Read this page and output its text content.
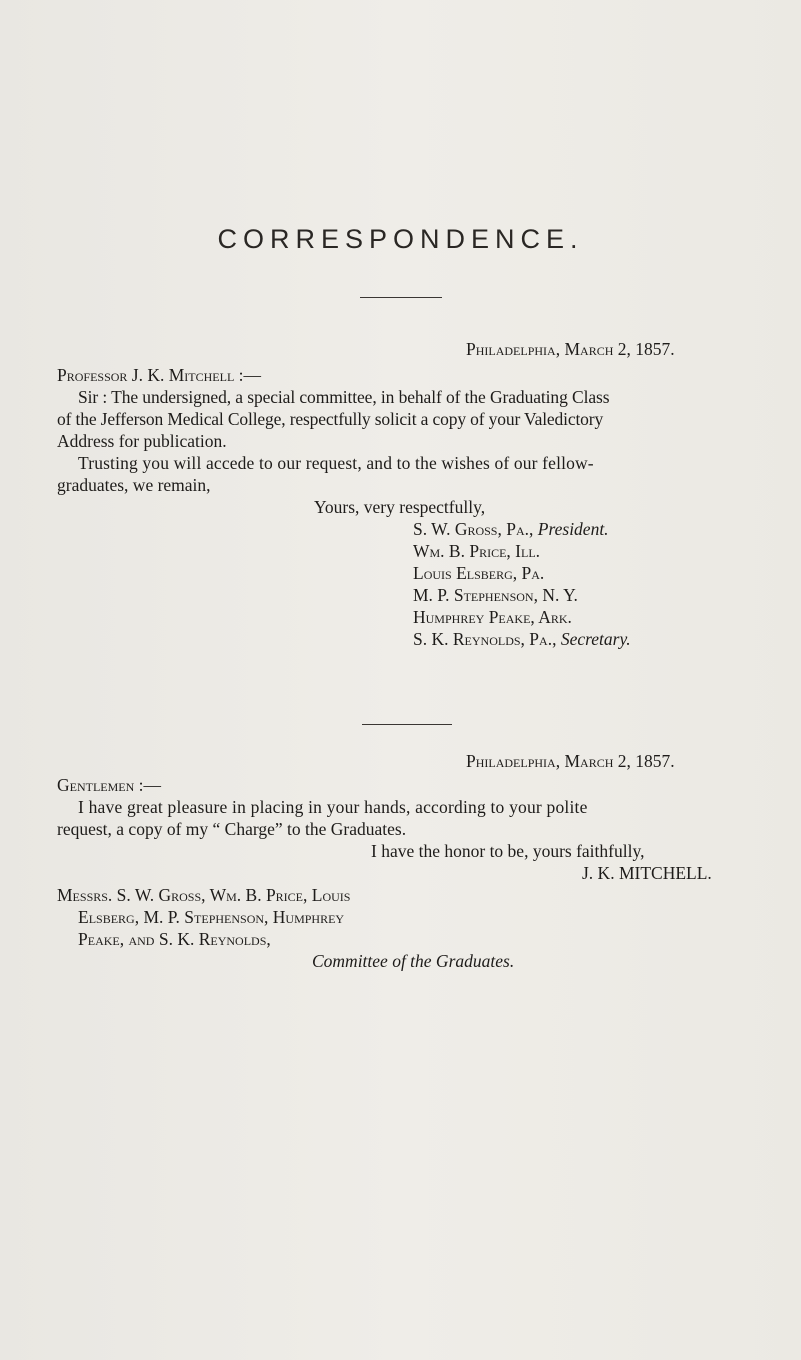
CORRESPONDENCE.
Philadelphia, March 2, 1857.
Professor J. K. Mitchell :—
Sir : The undersigned, a special committee, in behalf of the Graduating Class
of the Jefferson Medical College, respectfully solicit a copy of your Valedictory
Address for publication.
Trusting you will accede to our request, and to the wishes of our fellow-
graduates, we remain,
Yours, very respectfully,
S. W. Gross, Pa., President.
Wm. B. Price, Ill.
Louis Elsberg, Pa.
M. P. Stephenson, N. Y.
Humphrey Peake, Ark.
S. K. Reynolds, Pa., Secretary.
Philadelphia, March 2, 1857.
Gentlemen :—
I have great pleasure in placing in your hands, according to your polite
request, a copy of my “ Charge” to the Graduates.
I have the honor to be, yours faithfully,
J. K. MITCHELL.
Messrs. S. W. Gross, Wm. B. Price, Louis
Elsberg, M. P. Stephenson, Humphrey
Peake, and S. K. Reynolds,
Committee of the Graduates.
